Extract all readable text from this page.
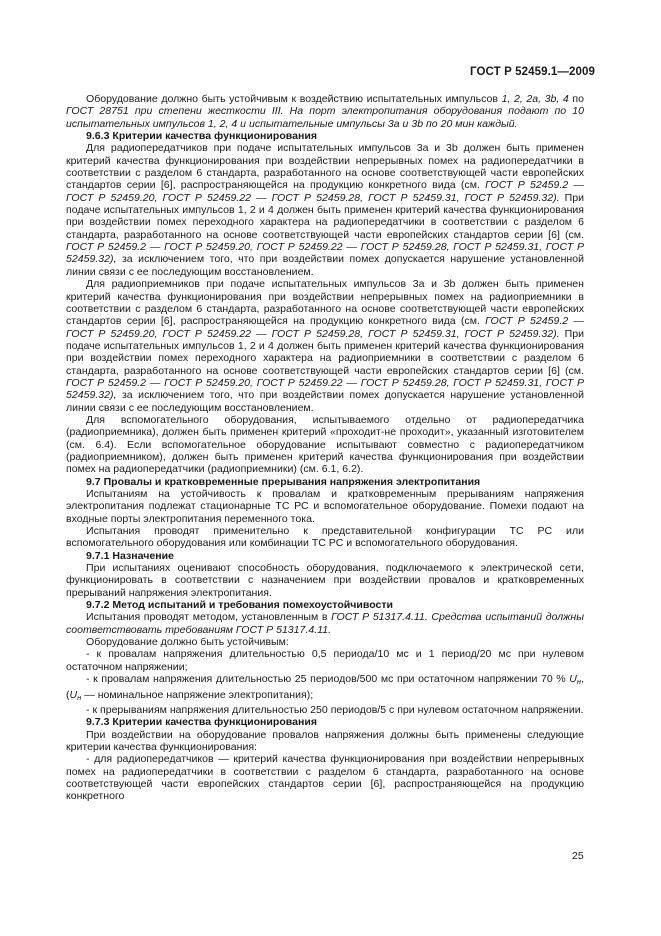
ГОСТ Р 52459.1—2009

Оборудование должно быть устойчивым к воздействию испытательных импульсов 1, 2, 2a, 3b, 4 по ГОСТ 28751 при степени жесткости III. На порт электропитания оборудования подают по 10 испытательных импульсов 1, 2, 4 и испытательные импульсы 3a и 3b по 20 мин каждый.

9.6.3 Критерии качества функционирования

Для радиопередатчиков при подаче испытательных импульсов 3a и 3b должен быть применен критерий качества функционирования при воздействии непрерывных помех на радиопередатчики в соответствии с разделом 6 стандарта, разработанного на основе соответствующей части европейских стандартов серии [6], распространяющейся на продукцию конкретного вида (см. ГОСТ Р 52459.2 — ГОСТ Р 52459.20, ГОСТ Р 52459.22 — ГОСТ Р 52459.28, ГОСТ Р 52459.31, ГОСТ Р 52459.32). При подаче испытательных импульсов 1, 2 и 4 должен быть применен критерий качества функционирования при воздействии помех переходного характера на радиопередатчики в соответствии с разделом 6 стандарта, разработанного на основе соответствующей части европейских стандартов серии [6] (см. ГОСТ Р 52459.2 — ГОСТ Р 52459.20, ГОСТ Р 52459.22 — ГОСТ Р 52459.28, ГОСТ Р 52459.31, ГОСТ Р 52459.32), за исключением того, что при воздействии помех допускается нарушение установленной линии связи с ее последующим восстановлением.

Для радиоприемников при подаче испытательных импульсов 3a и 3b должен быть применен критерий качества функционирования при воздействии непрерывных помех на радиоприемники в соответствии с разделом 6 стандарта, разработанного на основе соответствующей части европейских стандартов серии [6], распространяющейся на продукцию конкретного вида (см. ГОСТ Р 52459.2 — ГОСТ Р 52459.20, ГОСТ Р 52459.22 — ГОСТ Р 52459.28, ГОСТ Р 52459.31, ГОСТ Р 52459.32). При подаче испытательных импульсов 1, 2 и 4 должен быть применен критерий качества функционирования при воздействии помех переходного характера на радиоприемники в соответствии с разделом 6 стандарта, разработанного на основе соответствующей части европейских стандартов серии [6] (см. ГОСТ Р 52459.2 — ГОСТ Р 52459.20, ГОСТ Р 52459.22 — ГОСТ Р 52459.28, ГОСТ Р 52459.31, ГОСТ Р 52459.32), за исключением того, что при воздействии помех допускается нарушение установленной линии связи с ее последующим восстановлением.

Для вспомогательного оборудования, испытываемого отдельно от радиопередатчика (радиоприемника), должен быть применен критерий «проходит-не проходит», указанный изготовителем (см. 6.4). Если вспомогательное оборудование испытывают совместно с радиопередатчиком (радиоприемником), должен быть применен критерий качества функционирования при воздействии помех на радиопередатчики (радиоприемники) (см. 6.1, 6.2).

9.7 Провалы и кратковременные прерывания напряжения электропитания

Испытаниям на устойчивость к провалам и кратковременным прерываниям напряжения электропитания подлежат стационарные ТС РС и вспомогательное оборудование. Помехи подают на входные порты электропитания переменного тока.

Испытания проводят применительно к представительной конфигурации ТС РС или вспомогательного оборудования или комбинации ТС РС и вспомогательного оборудования.

9.7.1 Назначение

При испытаниях оценивают способность оборудования, подключаемого к электрической сети, функционировать в соответствии с назначением при воздействии провалов и кратковременных прерываний напряжения электропитания.

9.7.2 Метод испытаний и требования помехоустойчивости

Испытания проводят методом, установленным в ГОСТ Р 51317.4.11. Средства испытаний должны соответствовать требованиям ГОСТ Р 51317.4.11.

Оборудование должно быть устойчивым:

- к провалам напряжения длительностью 0,5 периода/10 мс и 1 период/20 мс при нулевом остаточном напряжении;

- к провалам напряжения длительностью 25 периодов/500 мс при остаточном напряжении 70 % $U_н$, ($U_н$ — номинальное напряжение электропитания);

- к прерываниям напряжения длительностью 250 периодов/5 с при нулевом остаточном напряжении.

9.7.3 Критерии качества функционирования

При воздействии на оборудование провалов напряжения должны быть применены следующие критерии качества функционирования:

- для радиопередатчиков — критерий качества функционирования при воздействии непрерывных помех на радиопередатчики в соответствии с разделом 6 стандарта, разработанного на основе соответствующей части европейских стандартов серии [6], распространяющейся на продукцию конкретного

25
